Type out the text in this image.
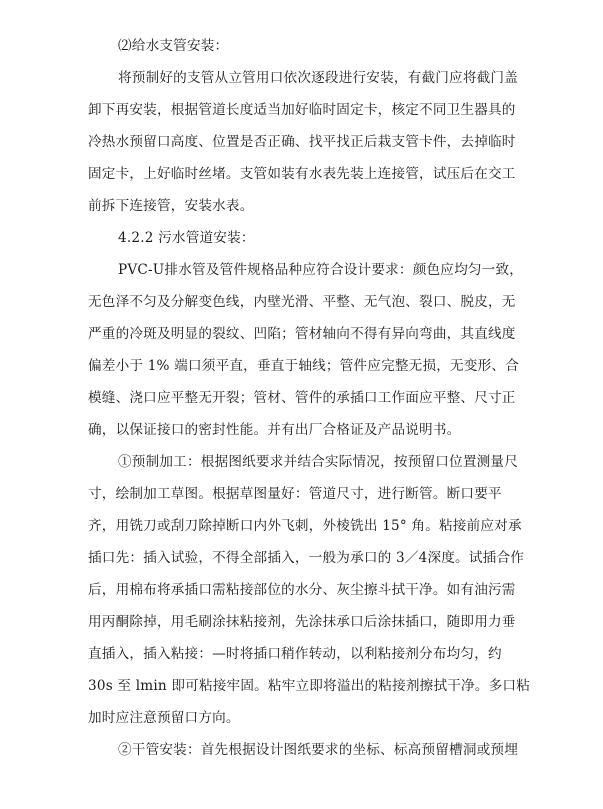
⑵给水支管安装：
将预制好的支管从立管用口依次逐段进行安装，有截门应将截门盖
卸下再安装，根据管道长度适当加好临时固定卡，核定不同卫生器具的
冷热水预留口高度、位置是否正确、找平找正后栽支管卡件，去掉临时
固定卡，上好临时丝堵。支管如装有水表先装上连接管，试压后在交工
前拆下连接管，安装水表。
4.2.2 污水管道安装：
PVC-U排水管及管件规格品种应符合设计要求：颜色应均匀一致，
无色泽不匀及分解变色线，内壁光滑、平整、无气泡、裂口、脱皮，无
严重的冷斑及明显的裂纹、凹陷；管材轴向不得有异向弯曲，其直线度
偏差小于 1% 端口须平直，垂直于轴线；管件应完整无损，无变形、合
模缝、浇口应平整无开裂；管材、管件的承插口工作面应平整、尺寸正
确，以保证接口的密封性能。并有出厂合格证及产品说明书。
①预制加工：根据图纸要求并结合实际情况，按预留口位置测量尺
寸，绘制加工草图。根据草图量好：管道尺寸，进行断管。断口要平
齐，用铣刀或刮刀除掉断口内外飞刺，外棱铣出 15° 角。粘接前应对承
插口先：插入试验，不得全部插入，一般为承口的 3／4深度。试插合作
后，用棉布将承插口需粘接部位的水分、灰尘擦斗拭干净。如有油污需
用丙酮除掉，用毛刷涂抹粘接剂，先涂抹承口后涂抹插口，随即用力垂
直插入，插入粘接：—时将插口稍作转动，以利粘接剂分布均匀，约
30s 至 lmin 即可粘接牢固。粘牢立即将溢出的粘接剂擦拭干净。多口粘
加时应注意预留口方向。
②干管安装：首先根据设计图纸要求的坐标、标高预留槽洞或预埋
